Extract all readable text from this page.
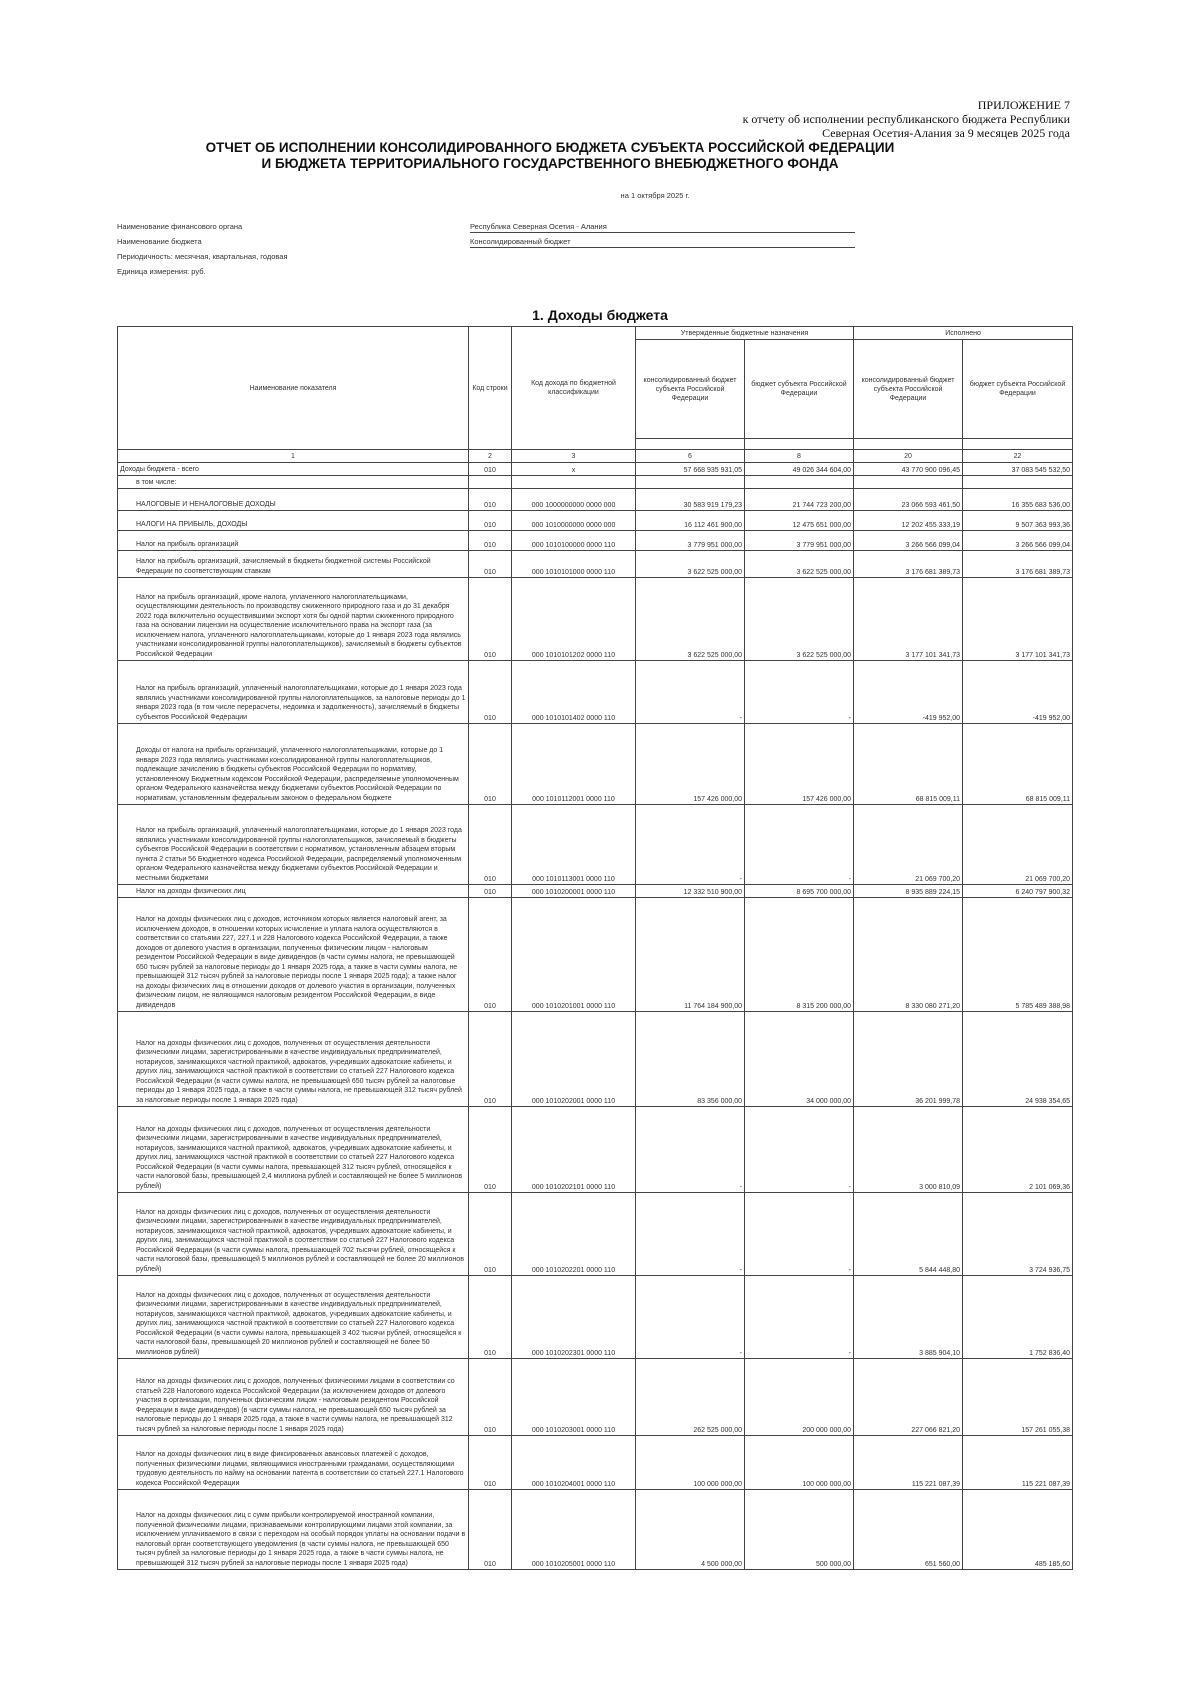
ПРИЛОЖЕНИЕ 7
к отчету об исполнении республиканского бюджета Республики
Северная Осетия-Алания за 9 месяцев 2025 года
ОТЧЕТ ОБ ИСПОЛНЕНИИ КОНСОЛИДИРОВАННОГО БЮДЖЕТА СУБЪЕКТА РОССИЙСКОЙ ФЕДЕРАЦИИ
И БЮДЖЕТА ТЕРРИТОРИАЛЬНОГО ГОСУДАРСТВЕННОГО ВНЕБЮДЖЕТНОГО ФОНДА
на 1 октября 2025 г.
Наименование финансового органа	Республика Северная Осетия - Алания
Наименование бюджета	Консолидированный бюджет
Периодичность: месячная, квартальная, годовая
Единица измерения: руб.
1. Доходы бюджета
Наименование показателя	Код строки	Код дохода по бюджетной классификации	Утвержденные бюджетные назначения		Исполнено	
			консолидированный бюджет субъекта Российской Федерации	бюджет субъекта Российской Федерации	консолидированный бюджет субъекта Российской Федерации	бюджет субъекта Российской Федерации

1	2	3	6	8	20	22
Доходы бюджета - всего	010	x	57 668 935 931,05	49 026 344 604,00	43 770 900 096,45	37 083 545 532,50
в том числе:						
НАЛОГОВЫЕ И НЕНАЛОГОВЫЕ ДОХОДЫ	010	000 1000000000 0000 000	30 583 919 179,23	21 744 723 200,00	23 066 593 461,50	16 355 683 536,00
НАЛОГИ НА ПРИБЫЛЬ, ДОХОДЫ	010	000 1010000000 0000 000	16 112 461 900,00	12 475 651 000,00	12 202 455 333,19	9 507 363 993,36
Налог на прибыль организаций	010	000 1010100000 0000 110	3 779 951 000,00	3 779 951 000,00	3 266 566 099,04	3 266 566 099,04
Налог на прибыль организаций, зачисляемый в бюджеты бюджетной системы Российской Федерации по соответствующим ставкам	010	000 1010101000 0000 110	3 622 525 000,00	3 622 525 000,00	3 176 681 389,73	3 176 681 389,73
Налог на прибыль организаций, кроме налога, уплаченного налогоплательщиками, осуществляющими деятельность по производству сжиженного природного газа и до 31 декабря 2022 года включительно осуществившими экспорт хотя бы одной партии сжиженного природного газа на основании лицензии на осуществление исключительного права на экспорт газа (за исключением налога, уплаченного налогоплательщиками, которые до 1 января 2023 года являлись участниками консолидированной группы налогоплательщиков), зачисляемый в бюджеты субъектов Российской Федерации	010	000 1010101202 0000 110	3 622 525 000,00	3 622 525 000,00	3 177 101 341,73	3 177 101 341,73
Налог на прибыль организаций, уплаченный налогоплательщиками, которые до 1 января 2023 года являлись участниками консолидированной группы налогоплательщиков, за налоговые периоды до 1 января 2023 года (в том числе перерасчеты, недоимка и задолженность), зачисляемый в бюджеты субъектов Российской Федерации	010	000 1010101402 0000 110	-	-	-419 952,00	-419 952,00
Доходы от налога на прибыль организаций, уплаченного налогоплательщиками, которые до 1 января 2023 года являлись участниками консолидированной группы налогоплательщиков, подлежащие зачислению в бюджеты субъектов Российской Федерации по нормативу, установленному Бюджетным кодексом Российской Федерации, распределяемые уполномоченным органом Федерального казначейства между бюджетами субъектов Российской Федерации по нормативам, установленным федеральным законом о федеральном бюджете	010	000 1010112001 0000 110	157 426 000,00	157 426 000,00	68 815 009,11	68 815 009,11
Налог на прибыль организаций, уплаченный налогоплательщиками, которые до 1 января 2023 года являлись участниками консолидированной группы налогоплательщиков, зачисляемый в бюджеты субъектов Российской Федерации в соответствии с нормативом, установленным абзацем вторым пункта 2 статьи 56 Бюджетного кодекса Российской Федерации, распределяемый уполномоченным органом Федерального казначейства между бюджетами субъектов Российской Федерации и местными бюджетами	010	000 1010113001 0000 110	-	-	21 069 700,20	21 069 700,20
Налог на доходы физических лиц	010	000 1010200001 0000 110	12 332 510 900,00	8 695 700 000,00	8 935 889 224,15	6 240 797 900,32
Налог на доходы физических лиц с доходов, источником которых является налоговый агент, за исключением доходов, в отношении которых исчисление и уплата налога осуществляются в соответствии со статьями 227, 227.1 и 228 Налогового кодекса Российской Федерации, а также доходов от долевого участия в организации, полученных физическим лицом - налоговым резидентом Российской Федерации в виде дивидендов (в части суммы налога, не превышающей 650 тысяч рублей за налоговые периоды до 1 января 2025 года, а также в части суммы налога, не превышающей 312 тысяч рублей за налоговые периоды после 1 января 2025 года); а также налог на доходы физических лиц в отношении доходов от долевого участия в организации, полученных физическим лицом, не являющимся налоговым резидентом Российской Федерации, в виде дивидендов	010	000 1010201001 0000 110	11 764 184 900,00	8 315 200 000,00	8 330 080 271,20	5 785 489 388,98
Налог на доходы физических лиц с доходов, полученных от осуществления деятельности физическими лицами, зарегистрированными в качестве индивидуальных предпринимателей, нотариусов, занимающихся частной практикой, адвокатов, учредивших адвокатские кабинеты, и других лиц, занимающихся частной практикой в соответствии со статьей 227 Налогового кодекса Российской Федерации (в части суммы налога, не превышающей 650 тысяч рублей за налоговые периоды до 1 января 2025 года, а также в части суммы налога, не превышающей 312 тысяч рублей за налоговые периоды после 1 января 2025 года)	010	000 1010202001 0000 110	83 356 000,00	34 000 000,00	36 201 999,78	24 938 354,65
Налог на доходы физических лиц с доходов, полученных от осуществления деятельности физическими лицами, зарегистрированными в качестве индивидуальных предпринимателей, нотариусов, занимающихся частной практикой, адвокатов, учредивших адвокатские кабинеты, и других лиц, занимающихся частной практикой в соответствии со статьей 227 Налогового кодекса Российской Федерации (в части суммы налога, превышающей 312 тысяч рублей, относящейся к части налоговой базы, превышающей 2,4 миллиона рублей и составляющей не более 5 миллионов рублей)	010	000 1010202101 0000 110	-	-	3 000 810,09	2 101 069,36
Налог на доходы физических лиц с доходов, полученных от осуществления деятельности физическими лицами, зарегистрированными в качестве индивидуальных предпринимателей, нотариусов, занимающихся частной практикой, адвокатов, учредивших адвокатские кабинеты, и других лиц, занимающихся частной практикой в соответствии со статьей 227 Налогового кодекса Российской Федерации (в части суммы налога, превышающей 702 тысячи рублей, относящейся к части налоговой базы, превышающей 5 миллионов рублей и составляющей не более 20 миллионов рублей)	010	000 1010202201 0000 110	-	-	5 844 448,80	3 724 936,75
Налог на доходы физических лиц с доходов, полученных от осуществления деятельности физическими лицами, зарегистрированными в качестве индивидуальных предпринимателей, нотариусов, занимающихся частной практикой, адвокатов, учредивших адвокатские кабинеты, и других лиц, занимающихся частной практикой в соответствии со статьей 227 Налогового кодекса Российской Федерации (в части суммы налога, превышающей 3 402 тысячи рублей, относящейся к части налоговой базы, превышающей 20 миллионов рублей и составляющей не более 50 миллионов рублей)	010	000 1010202301 0000 110	-	-	3 885 904,10	1 752 836,40
Налог на доходы физических лиц с доходов, полученных физическими лицами в соответствии со статьей 228 Налогового кодекса Российской Федерации (за исключением доходов от долевого участия в организации, полученных физическим лицом - налоговым резидентом Российской Федерации в виде дивидендов) (в части суммы налога, не превышающей 650 тысяч рублей за налоговые периоды до 1 января 2025 года, а также в части суммы налога, не превышающей 312 тысяч рублей за налоговые периоды после 1 января 2025 года)	010	000 1010203001 0000 110	262 525 000,00	200 000 000,00	227 066 821,20	157 261 055,38
Налог на доходы физических лиц в виде фиксированных авансовых платежей с доходов, полученных физическими лицами, являющимися иностранными гражданами, осуществляющими трудовую деятельность по найму на основании патента в соответствии со статьей 227.1 Налогового кодекса Российской Федерации	010	000 1010204001 0000 110	100 000 000,00	100 000 000,00	115 221 087,39	115 221 087,39
Налог на доходы физических лиц с сумм прибыли контролируемой иностранной компании, полученной физическими лицами, признаваемыми контролирующими лицами этой компании, за исключением уплачиваемого в связи с переходом на особый порядок уплаты на основании подачи в налоговый орган соответствующего уведомления (в части суммы налога, не превышающей 650 тысяч рублей за налоговые периоды до 1 января 2025 года, а также в части суммы налога, не превышающей 312 тысяч рублей за налоговые периоды после 1 января 2025 года)	010	000 1010205001 0000 110	4 500 000,00	500 000,00	651 560,00	485 185,60
